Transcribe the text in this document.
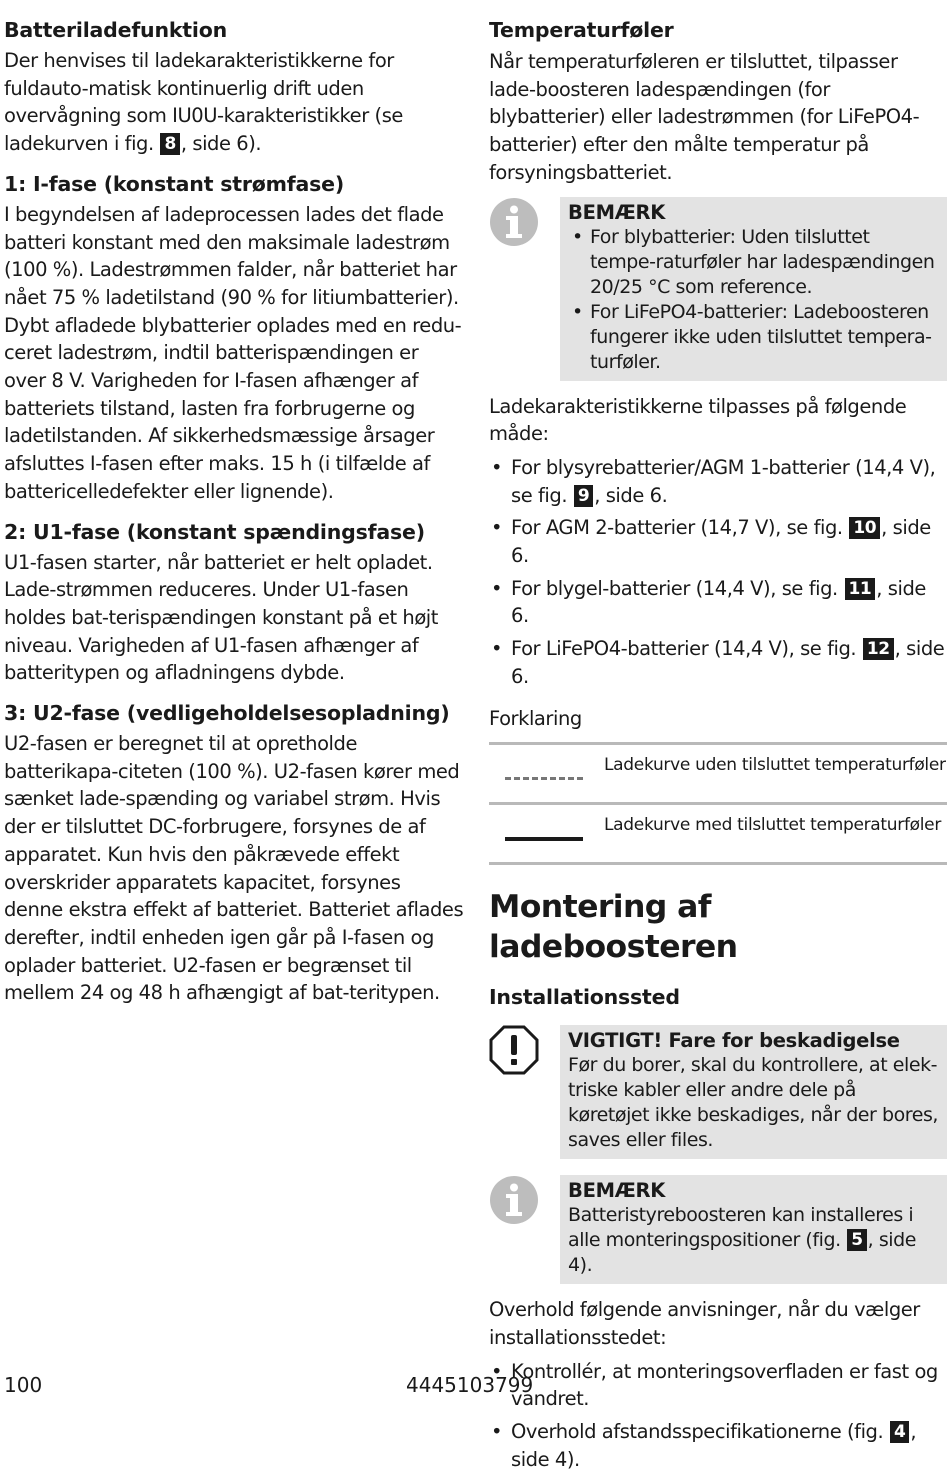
Batteriladefunktion

Der henvises til ladekarakteristikkerne for fuldauto-matisk kontinuerlig drift uden overvågning som IU0U-karakteristikker (se ladekurven i fig. 8 , side 6).

1: I-fase (konstant strømfase)

I begyndelsen af ladeprocessen lades det flade batteri konstant med den maksimale ladestrøm (100 %). Ladestrømmen falder, når batteriet har nået 75 % ladetilstand (90 % for litiumbatterier). Dybt afladede blybatterier oplades med en redu-ceret ladestrøm, indtil batterispændingen er over 8 V. Varigheden for I-fasen afhænger af batteriets tilstand, lasten fra forbrugerne og ladetilstanden. Af sikkerhedsmæssige årsager afsluttes I-fasen efter maks. 15 h (i tilfælde af battericelledefekter eller lignende).

2: U1-fase (konstant spændingsfase)

U1-fasen starter, når batteriet er helt opladet. Lade-strømmen reduceres. Under U1-fasen holdes bat-terispændingen konstant på et højt niveau. Varigheden af U1-fasen afhænger af batteritypen og afladningens dybde.

3: U2-fase (vedligeholdelsesopladning)

U2-fasen er beregnet til at opretholde batterikapa-citeten (100 %). U2-fasen kører med sænket lade-spænding og variabel strøm. Hvis der er tilsluttet DC-forbrugere, forsynes de af apparatet. Kun hvis den påkrævede effekt overskrider apparatets kapacitet, forsynes denne ekstra effekt af batteriet. Batteriet aflades derefter, indtil enheden igen går på I-fasen og oplader batteriet. U2-fasen er begrænset til mellem 24 og 48 h afhængigt af bat-teritypen.

Temperaturføler

Når temperaturføleren er tilsluttet, tilpasser lade-boosteren ladespændingen (for blybatterier) eller ladestrømmen (for LiFePO4-batterier) efter den målte temperatur på forsyningsbatteriet.

BEMÆRK
• For blybatterier: Uden tilsluttet tempe-raturføler har ladespændingen 20/25 °C som reference.
• For LiFePO4-batterier: Ladeboosteren fungerer ikke uden tilsluttet tempera-turføler.

Ladekarakteristikkerne tilpasses på følgende måde:

• For blysyrebatterier/AGM 1-batterier (14,4 V), se fig. 9 , side 6.
• For AGM 2-batterier (14,7 V), se fig. 10 , side 6.
• For blygel-batterier (14,4 V), se fig. 11 , side 6.
• For LiFePO4-batterier (14,4 V), se fig. 12 , side 6.

Forklaring

Ladekurve uden tilsluttet temperaturføler
Ladekurve med tilsluttet temperaturføler
Montering af ladeboosteren
Installationssted
VIGTIGT! Fare for beskadigelse
Før du borer, skal du kontrollere, at elek-triske kabler eller andre dele på køretøjet ikke beskadiges, når der bores, saves eller files.
BEMÆRK
Batteristyreboosteren kan installeres i alle monteringspositioner (fig. 5 , side 4).

Overhold følgende anvisninger, når du vælger installationsstedet:

• Kontrollér, at monteringsoverfladen er fast og vandret.
• Overhold afstandsspecifikationerne (fig. 4 , side 4).
100	4445103799
